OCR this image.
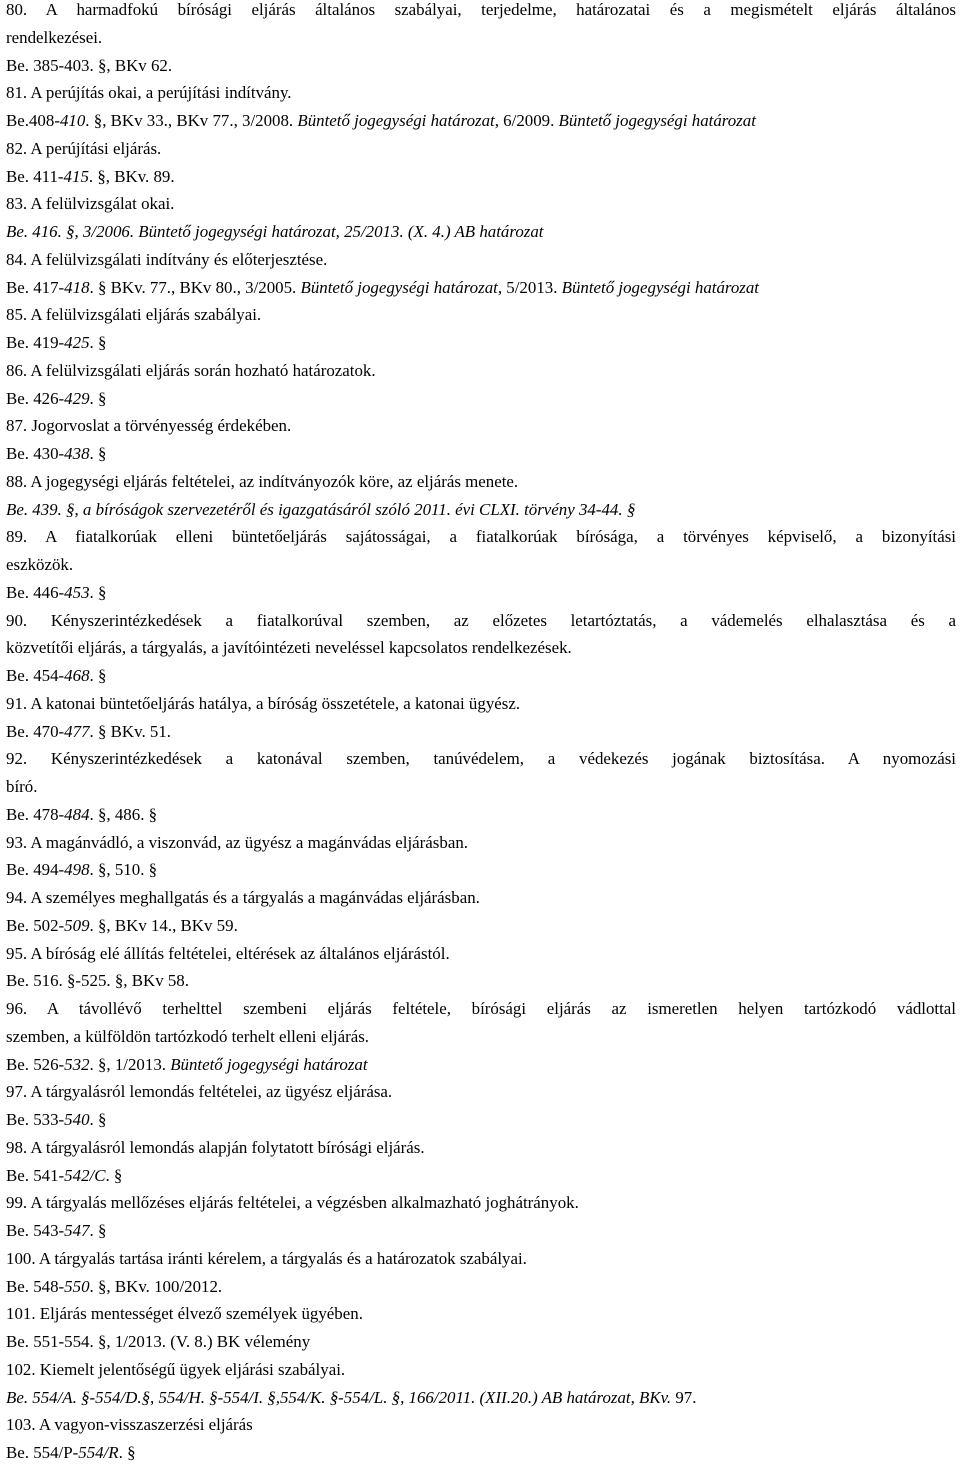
80. A harmadfokú bírósági eljárás általános szabályai, terjedelme, határozatai és a megismételt eljárás általános
rendelkezései.
Be. 385-403. §, BKv 62.
81. A perújítás okai, a perújítási indítvány.
Be.408-410. §, BKv 33., BKv 77., 3/2008. Büntető jogegységi határozat, 6/2009. Büntető jogegységi határozat
82. A perújítási eljárás.
Be. 411-415. §, BKv. 89.
83. A felülvizsgálat okai.
Be. 416. §, 3/2006. Büntető jogegységi határozat, 25/2013. (X. 4.) AB határozat
84. A felülvizsgálati indítvány és előterjesztése.
Be. 417-418. § BKv. 77., BKv 80., 3/2005. Büntető jogegységi határozat, 5/2013. Büntető jogegységi határozat
85. A felülvizsgálati eljárás szabályai.
Be. 419-425. §
86. A felülvizsgálati eljárás során hozható határozatok.
Be. 426-429. §
87. Jogorvoslat a törvényesség érdekében.
Be. 430-438. §
88. A jogegységi eljárás feltételei, az indítványozók köre, az eljárás menete.
Be. 439. §, a bíróságok szervezetéről és igazgatásáról szóló 2011. évi CLXI. törvény 34-44. §
89. A fiatalkorúak elleni büntetőeljárás sajátosságai, a fiatalkorúak bírósága, a törvényes képviselő, a bizonyítási
eszközök.
Be. 446-453. §
90. Kényszerintézkedések a fiatalkorúval szemben, az előzetes letartóztatás, a vádemelés elhalasztása és a
közvetítői eljárás, a tárgyalás, a javítóintézeti neveléssel kapcsolatos rendelkezések.
Be. 454-468. §
91. A katonai büntetőeljárás hatálya, a bíróság összetétele, a katonai ügyész.
Be. 470-477. § BKv. 51.
92. Kényszerintézkedések a katonával szemben, tanúvédelem, a védekezés jogának biztosítása. A nyomozási
bíró.
Be. 478-484. §, 486. §
93. A magánvádló, a viszonvád, az ügyész a magánvádas eljárásban.
Be. 494-498. §, 510. §
94. A személyes meghallgatás és a tárgyalás a magánvádas eljárásban.
Be. 502-509. §, BKv 14., BKv 59.
95. A bíróság elé állítás feltételei, eltérések az általános eljárástól.
Be. 516. §-525. §, BKv 58.
96. A távollévő terhelttel szembeni eljárás feltétele, bírósági eljárás az ismeretlen helyen tartózkodó vádlottal
szemben, a külföldön tartózkodó terhelt elleni eljárás.
Be. 526-532. §, 1/2013. Büntető jogegységi határozat
97. A tárgyalásról lemondás feltételei, az ügyész eljárása.
Be. 533-540. §
98. A tárgyalásról lemondás alapján folytatott bírósági eljárás.
Be. 541-542/C. §
99. A tárgyalás mellőzéses eljárás feltételei, a végzésben alkalmazható joghátrányok.
Be. 543-547. §
100. A tárgyalás tartása iránti kérelem, a tárgyalás és a határozatok szabályai.
Be. 548-550. §, BKv. 100/2012.
101. Eljárás mentességet élvező személyek ügyében.
Be. 551-554. §, 1/2013. (V. 8.) BK vélemény
102. Kiemelt jelentőségű ügyek eljárási szabályai.
Be. 554/A. §-554/D.§, 554/H. §-554/I. §,554/K. §-554/L. §, 166/2011. (XII.20.) AB határozat, BKv. 97.
103. A vagyon-visszaszerzési eljárás
Be. 554/P-554/R. §
